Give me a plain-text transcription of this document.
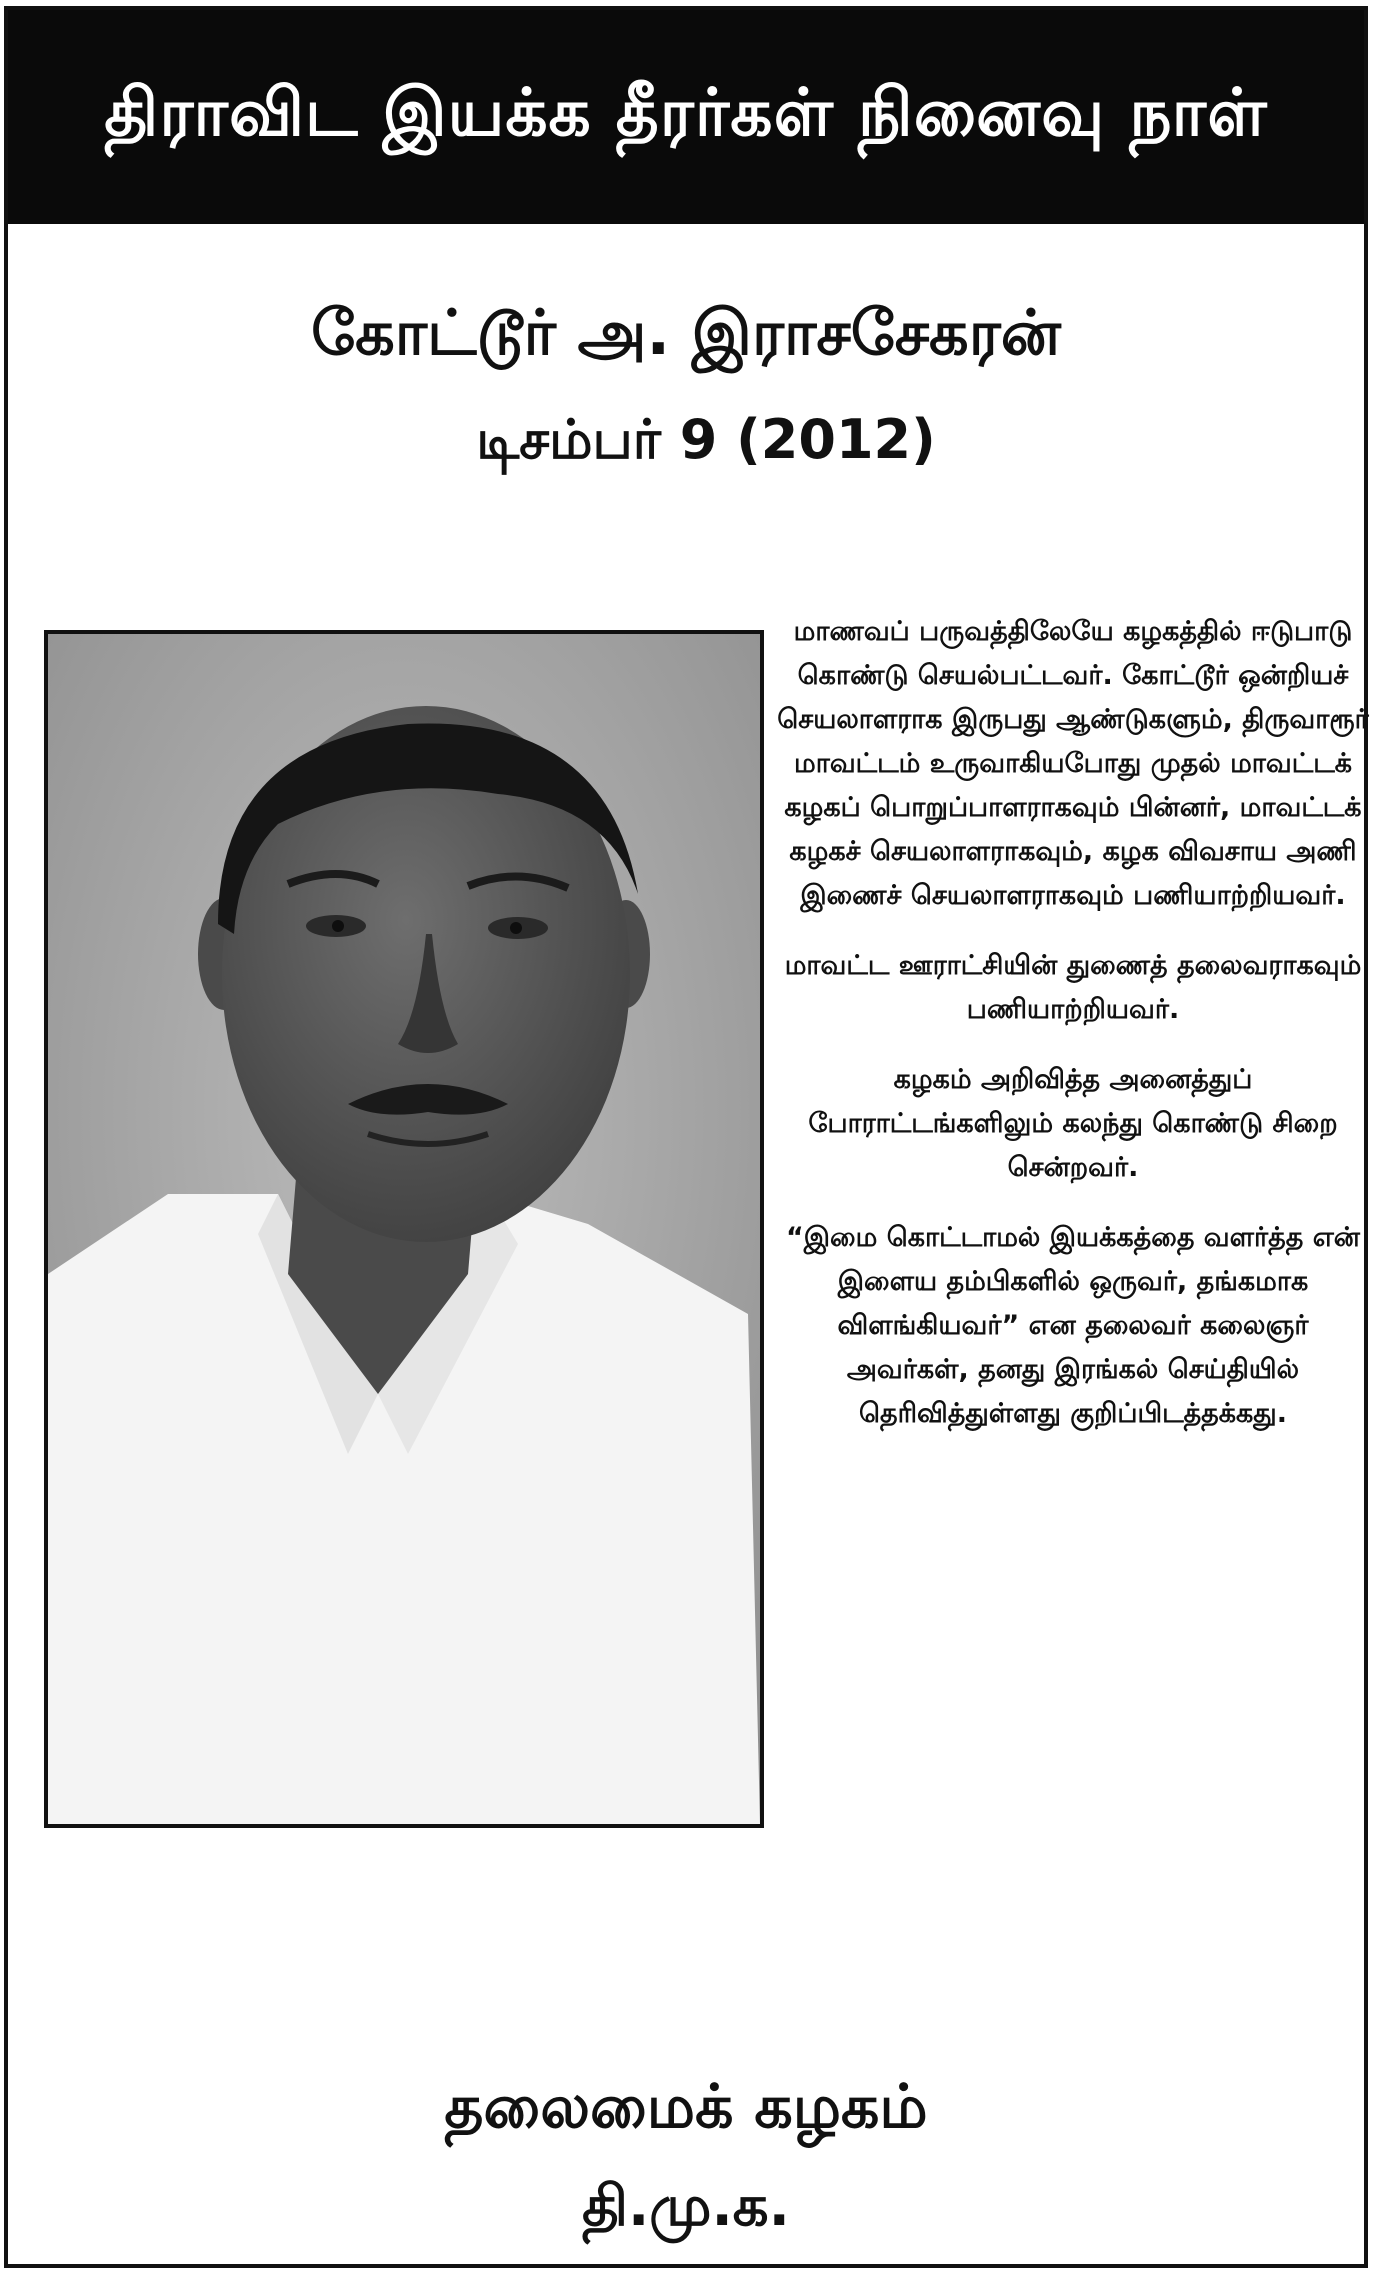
திராவிட இயக்க தீரர்கள் நினைவு நாள்
கோட்டூர் அ. இராசசேகரன்
டிசம்பர் 9 (2012)

மாணவப் பருவத்திலேயே கழகத்தில் ஈடுபாடு கொண்டு செயல்பட்டவர். கோட்டூர் ஒன்றியச் செயலாளராக இருபது ஆண்டுகளும், திருவாரூர் மாவட்டம் உருவாகியபோது முதல் மாவட்டக் கழகப் பொறுப்பாளராகவும் பின்னர், மாவட்டக் கழகச் செயலாளராகவும், கழக விவசாய அணி இணைச் செயலாளராகவும் பணியாற்றியவர்.

மாவட்ட ஊராட்சியின் துணைத் தலைவராகவும் பணியாற்றியவர்.

கழகம் அறிவித்த அனைத்துப் போராட்டங்களிலும் கலந்து கொண்டு சிறை சென்றவர்.

“இமை கொட்டாமல் இயக்கத்தை வளர்த்த என் இளைய தம்பிகளில் ஒருவர், தங்கமாக விளங்கியவர்” என தலைவர் கலைஞர் அவர்கள், தனது இரங்கல் செய்தியில் தெரிவித்துள்ளது குறிப்பிடத்தக்கது.

தலைமைக் கழகம்
தி.மு.க.
